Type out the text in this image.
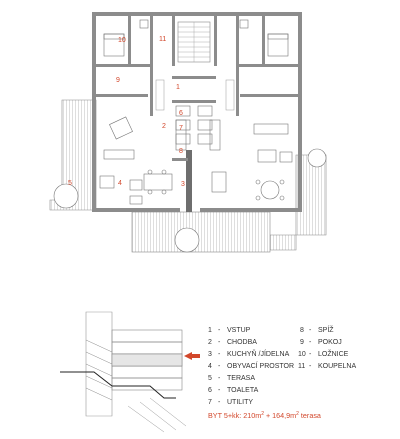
10	11
9
1
2
6
7
8
4	3
5
1 - VSTUP
2 - CHODBA
3 - KUCHYŇ /JÍDELNA
4 - OBYVACÍ PROSTOR
5 - TERASA
6 - TOALETA
7 - UTILITY
8 - SPÍŽ
9 - POKOJ
10 - LOŽNICE
11 - KOUPELNA
BYT 5+kk: $210m^2 + 164,9m^2$ terasa
